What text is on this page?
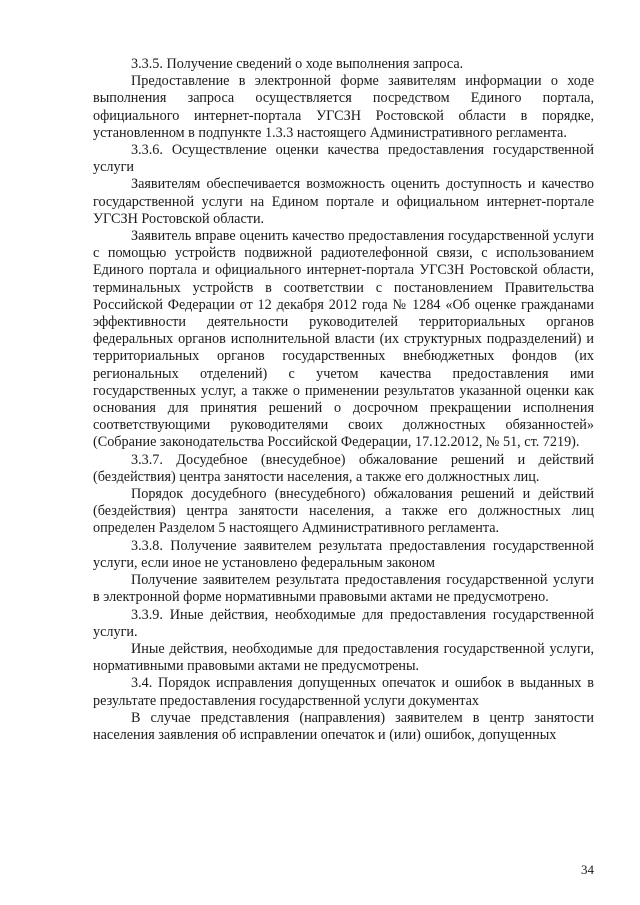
3.3.5. Получение сведений о ходе выполнения запроса.

Предоставление в электронной форме заявителям информации о ходе выполнения запроса осуществляется посредством Единого портала, официального интернет-портала УГСЗН Ростовской области в порядке, установленном в подпункте 1.3.3 настоящего Административного регламента.

3.3.6. Осуществление оценки качества предоставления государственной услуги

Заявителям обеспечивается возможность оценить доступность и качество государственной услуги на Едином портале и официальном интернет-портале УГСЗН Ростовской области.

Заявитель вправе оценить качество предоставления государственной услуги с помощью устройств подвижной радиотелефонной связи, с использованием Единого портала и официального интернет-портала УГСЗН Ростовской области, терминальных устройств в соответствии с постановлением Правительства Российской Федерации от 12 декабря 2012 года № 1284 «Об оценке гражданами эффективности деятельности руководителей территориальных органов федеральных органов исполнительной власти (их структурных подразделений) и территориальных органов государственных внебюджетных фондов (их региональных отделений) с учетом качества предоставления ими государственных услуг, а также о применении результатов указанной оценки как основания для принятия решений о досрочном прекращении исполнения соответствующими руководителями своих должностных обязанностей» (Собрание законодательства Российской Федерации, 17.12.2012, № 51, ст. 7219).

3.3.7. Досудебное (внесудебное) обжалование решений и действий (бездействия) центра занятости населения, а также его должностных лиц.

Порядок досудебного (внесудебного) обжалования решений и действий (бездействия) центра занятости населения, а также его должностных лиц определен Разделом 5 настоящего Административного регламента.

3.3.8. Получение заявителем результата предоставления государственной услуги, если иное не установлено федеральным законом

Получение заявителем результата предоставления государственной услуги в электронной форме нормативными правовыми актами не предусмотрено.

3.3.9. Иные действия, необходимые для предоставления государственной услуги.

Иные действия, необходимые для предоставления государственной услуги, нормативными правовыми актами не предусмотрены.

3.4. Порядок исправления допущенных опечаток и ошибок в выданных в результате предоставления государственной услуги документах

В случае представления (направления) заявителем в центр занятости населения заявления об исправлении опечаток и (или) ошибок, допущенных

34
